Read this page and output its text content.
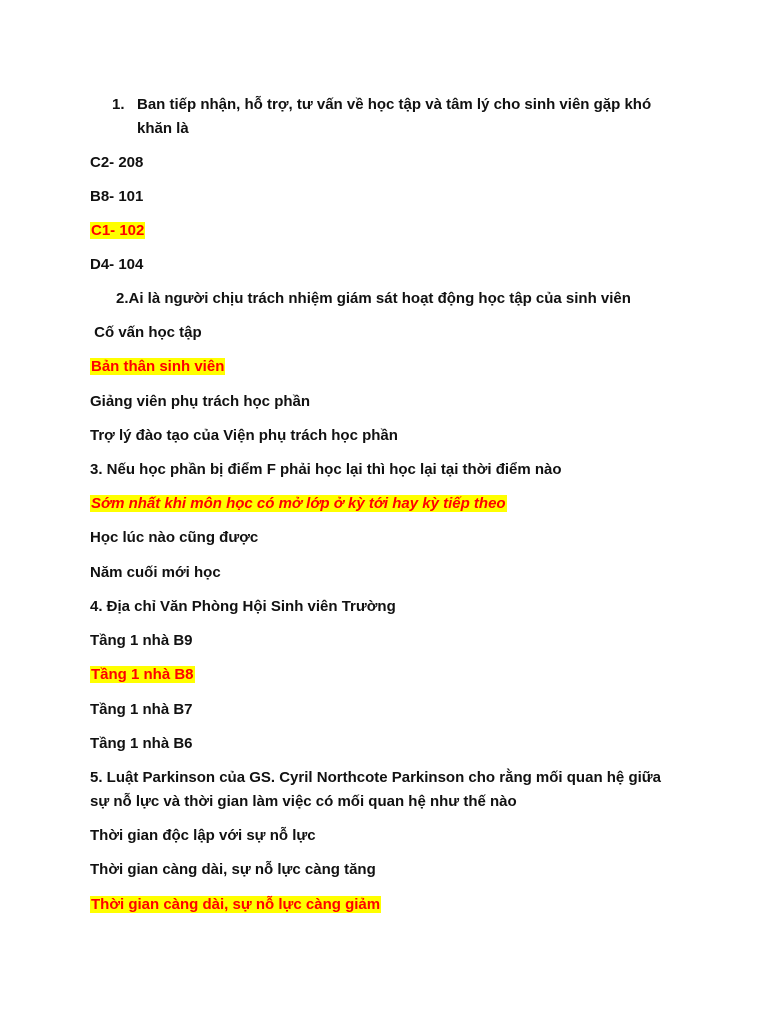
1. Ban tiếp nhận, hỗ trợ, tư vấn về học tập và tâm lý cho sinh viên gặp khó
khăn là
C2- 208
B8- 101
C1- 102
D4- 104
2.Ai là người chịu trách nhiệm giám sát hoạt động học tập của sinh viên
Cố vấn học tập
Bản thân sinh viên
Giảng viên phụ trách học phần
Trợ lý đào tạo của Viện phụ trách học phần
3. Nếu học phần bị điểm F phải học lại thì học lại tại thời điểm nào
Sớm nhất khi môn học có mở lớp ở kỳ tới hay kỳ tiếp theo
Học lúc nào cũng được
Năm cuối mới học
4. Địa chỉ Văn Phòng Hội Sinh viên Trường
Tầng 1 nhà B9
Tầng 1 nhà B8
Tầng 1 nhà B7
Tầng 1 nhà B6
5. Luật Parkinson của GS. Cyril Northcote Parkinson cho rằng mối quan hệ giữa
sự nỗ lực và thời gian làm việc có mối quan hệ như thế nào
Thời gian độc lập với sự nỗ lực
Thời gian càng dài, sự nỗ lực càng tăng
Thời gian càng dài, sự nỗ lực càng giảm
